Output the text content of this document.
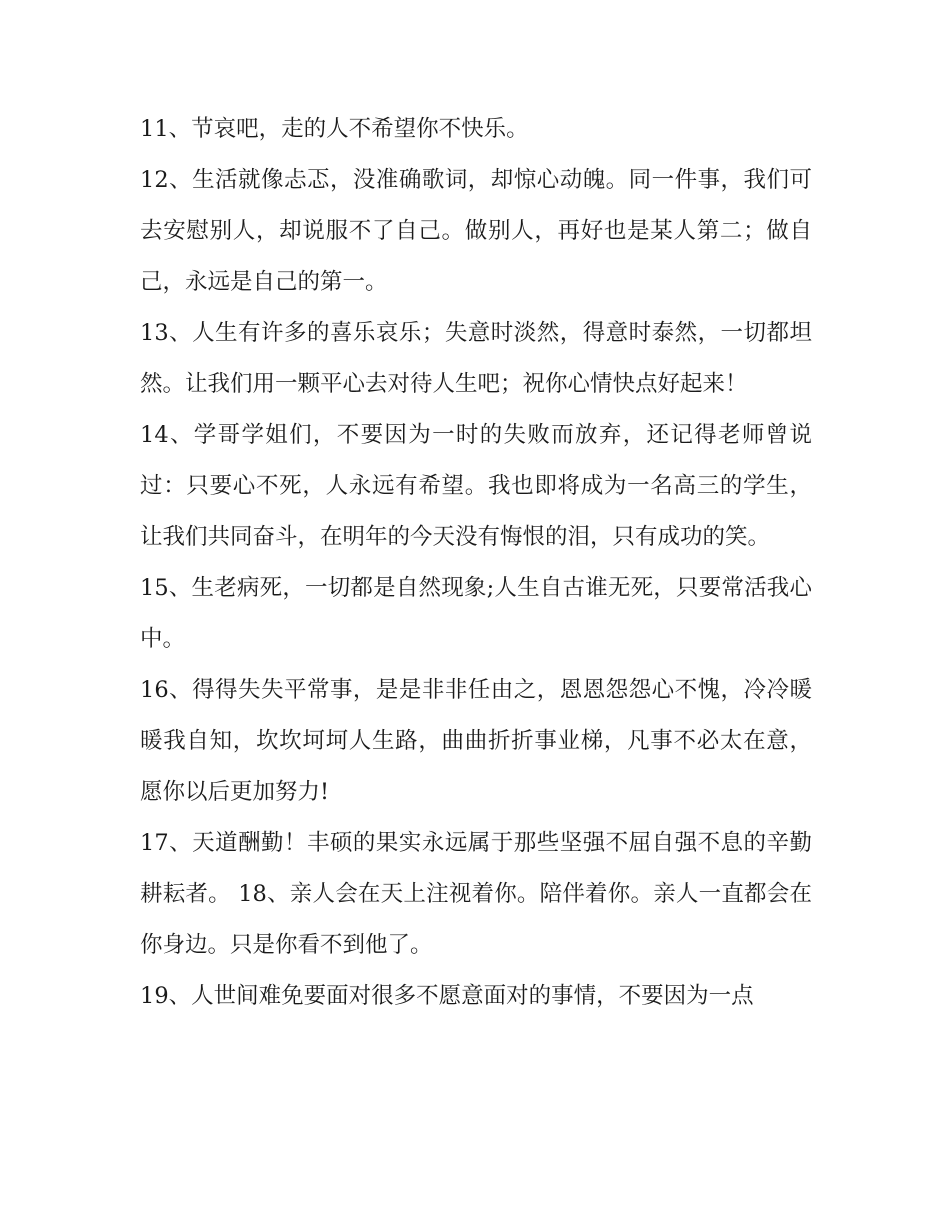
11、节哀吧，走的人不希望你不快乐。

12、生活就像忐忑，没准确歌词，却惊心动魄。同一件事，我们可去安慰别人，却说服不了自己。做别人，再好也是某人第二；做自己，永远是自己的第一。

13、人生有许多的喜乐哀乐；失意时淡然，得意时泰然，一切都坦然。让我们用一颗平心去对待人生吧；祝你心情快点好起来！

14、学哥学姐们，不要因为一时的失败而放弃，还记得老师曾说过：只要心不死，人永远有希望。我也即将成为一名高三的学生，让我们共同奋斗，在明年的今天没有悔恨的泪，只有成功的笑。

15、生老病死，一切都是自然现象;人生自古谁无死，只要常活我心中。

16、得得失失平常事，是是非非任由之，恩恩怨怨心不愧，冷冷暖暖我自知，坎坎坷坷人生路，曲曲折折事业梯，凡事不必太在意，愿你以后更加努力!

17、天道酬勤！丰硕的果实永远属于那些坚强不屈自强不息的辛勤耕耘者。 18、亲人会在天上注视着你。陪伴着你。亲人一直都会在你身边。只是你看不到他了。

19、人世间难免要面对很多不愿意面对的事情，不要因为一点
